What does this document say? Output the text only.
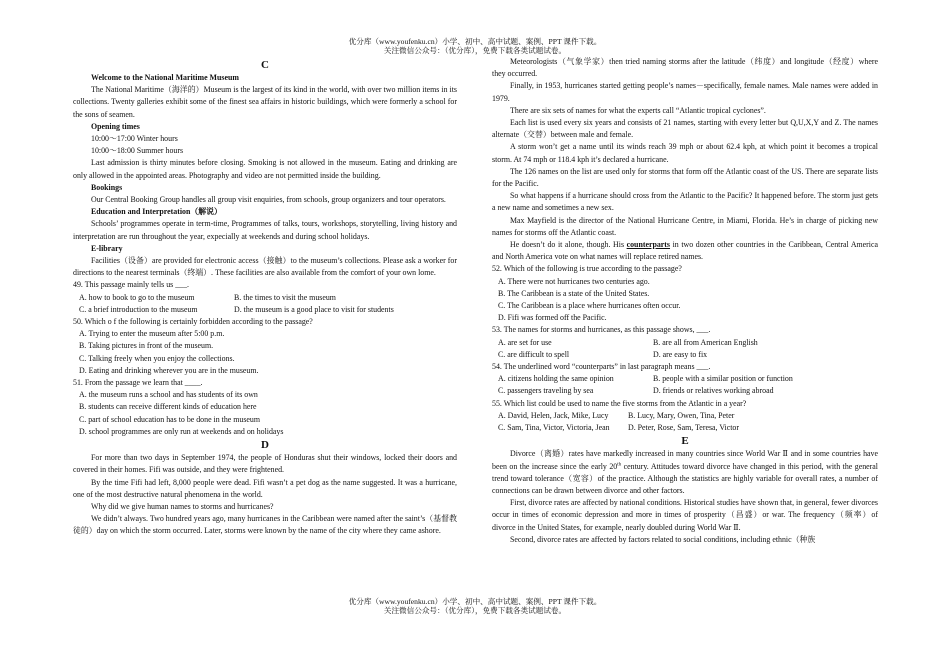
优分库（www.youfenku.cn）小学、初中、高中试题、案例、PPT 课件下载。
关注微信公众号：（优分库），免费下载各类试题试卷。

C

Welcome to the National Maritime Museum

The National Maritime（海洋的）Museum is the largest of its kind in the world, with over two million items in its collections. Twenty galleries exhibit some of the finest sea affairs in historic buildings, which were formerly a school for the sons of seamen.

Opening times

10:00～17:00 Winter hours

10:00～18:00 Summer hours

Last admission is thirty minutes before closing. Smoking is not allowed in the museum. Eating and drinking are only allowed in the appointed areas. Photography and video are not permitted inside the building.

Bookings

Our Central Booking Group handles all group visit enquiries, from schools, group organizers and tour operators.

Education and Interpretation（解说）

Schools’ programmes operate in term-time, Programmes of talks, tours, workshops, storytelling, living history and interpretation are run throughout the year, expecially at weekends and during school holidays.

E-library

Facilities（设备）are provided for electronic access（接触）to the museum’s collections. Please ask a worker for directions to the nearest terminals（终端）. These facilities are also available from the comfort of your own lome.

49. This passage mainly tells us ___.

A. how to book to go to the museum	B. the times to visit the museum
C. a brief introduction to the museum	D. the museum is a good place to visit for students

50. Which o f the following is certainly forbidden according to the passage?

A. Trying to enter the museum after 5:00 p.m.

B. Taking pictures in front of the museum.

C. Talking freely when you enjoy the collections.

D. Eating and drinking wherever you are in the museum.

51. From the passage we learn that ____.

A. the museum runs a school and has students of its own

B. students can receive different kinds of education here

C. part of school education has to be done in the museum

D. school programmes are only run at weekends and on holidays

D

For more than two days in September 1974, the people of Honduras shut their windows, locked their doors and covered in their homes. Fifi was outside, and they were frightened.

By the time Fifi had left, 8,000 people were dead. Fifi wasn’t a pet dog as the name suggested. It was a hurricane, one of the most destructive natural phenomena in the world.

Why did we give human names to storms and hurricanes?

We didn’t always. Two hundred years ago, many hurricanes in the Caribbean were named after the saint’s（基督教徒的）day on which the storm occurred. Later, storms were known by the name of the city where they came ashore.

Meteorologists（气象学家）then tried naming storms after the latitude（纬度）and longitude（经度）where they occurred.

Finally, in 1953, hurricanes started getting people’s names－specifically, female names. Male names were added in 1979.

There are six sets of names for what the experts call “Atlantic tropical cyclones”.

Each list is used every six years and consists of 21 names, starting with every letter but Q,U,X,Y and Z. The names alternate（交替）between male and female.

A storm won’t get a name until its winds reach 39 mph or about 62.4 kph, at which point it becomes a tropical storm. At 74 mph or 118.4 kph it’s declared a hurricane.

The 126 names on the list are used only for storms that form off the Atlantic coast of the US. There are separate lists for the Pacific.

So what happens if a hurricane should cross from the Atlantic to the Pacific? It happened before. The storm just gets a new name and sometimes a new sex.

Max Mayfield is the director of the National Hurricane Centre, in Miami, Florida. He’s in charge of picking new names for storms off the Atlantic coast.

He doesn’t do it alone, though. His counterparts in two dozen other countries in the Caribbean, Central America and North America vote on what names will replace retired names.

52. Which of the following is true according to the passage?

A. There were not hurricanes two centuries ago.

B. The Caribbean is a state of the United States.

C. The Caribbean is a place where hurricanes often occur.

D. Fifi was formed off the Pacific.

53. The names for storms and hurricanes, as this passage shows, ___.

A. are set for use	B. are all from American English
C. are difficult to spell	D. are easy to fix

54. The underlined word “counterparts” in last paragraph means ___.

A. citizens holding the same opinion	B. people with a similar position or function
C. passengers traveling by sea	D. friends or relatives working abroad

55. Which list could be used to name the five storms from the Atlantic in a year?

A. David, Helen, Jack, Mike, Lucy	B. Lucy, Mary, Owen, Tina, Peter
C. Sam, Tina, Victor, Victoria, Jean	D. Peter, Rose, Sam, Teresa, Victor

E

Divorce（离婚）rates have markedly increased in many countries since World War Ⅱ and in some countries have been on the increase since the early 20th century. Attitudes toward divorce have changed in this period, with the general trend toward tolerance（宽容）of the practice. Although the statistics are highly variable for overall rates, a number of connections can be drawn between divorce and other factors.

First, divorce rates are affected by national conditions. Historical studies have shown that, in general, fewer divorces occur in times of economic depression and more in times of prosperity（昌盛）or war. The frequency（频率）of divorce in the United States, for example, nearly doubled during World War Ⅱ.

Second, divorce rates are affected by factors related to social conditions, including ethnic（种族

优分库（www.youfenku.cn）小学、初中、高中试题、案例、PPT 课件下载。
关注微信公众号：（优分库），免费下载各类试题试卷。
